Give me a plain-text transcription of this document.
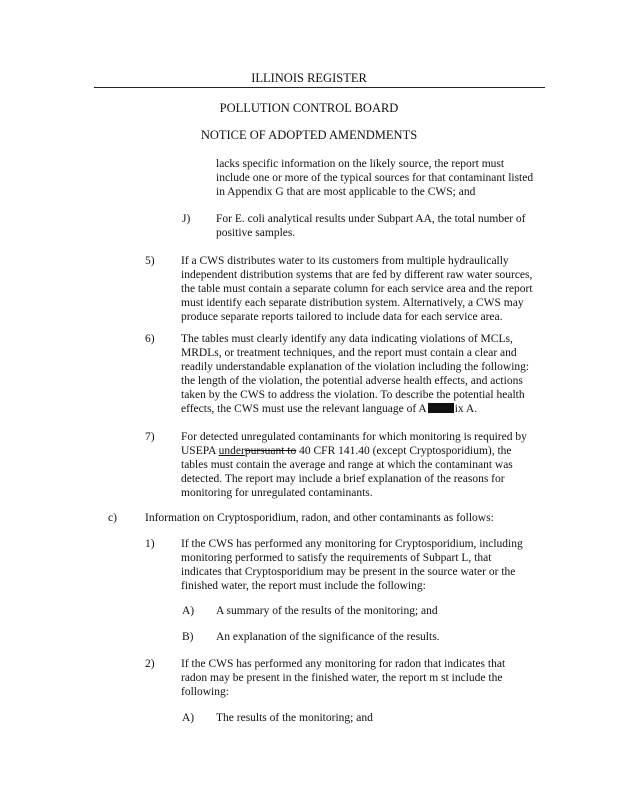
ILLINOIS REGISTER
POLLUTION CONTROL BOARD
NOTICE OF ADOPTED AMENDMENTS
lacks specific information on the likely source, the report must
include one or more of the typical sources for that contaminant listed
in Appendix G that are most applicable to the CWS; and
J) For E. coli analytical results under Subpart AA, the total number of
positive samples.
5) If a CWS distributes water to its customers from multiple hydraulically
independent distribution systems that are fed by different raw water sources,
the table must contain a separate column for each service area and the report
must identify each separate distribution system. Alternatively, a CWS may
produce separate reports tailored to include data for each service area.
6) The tables must clearly identify any data indicating violations of MCLs,
MRDLs, or treatment techniques, and the report must contain a clear and
readily understandable explanation of the violation including the following:
the length of the violation, the potential adverse health effects, and actions
taken by the CWS to address the violation. To describe the potential health
effects, the CWS must use the relevant language of A ix A.
7) For detected unregulated contaminants for which monitoring is required by
USEPA underpursuant to 40 CFR 141.40 (except Cryptosporidium), the
tables must contain the average and range at which the contaminant was
detected. The report may include a brief explanation of the reasons for
monitoring for unregulated contaminants.
c) Information on Cryptosporidium, radon, and other contaminants as follows:
1) If the CWS has performed any monitoring for Cryptosporidium, including
monitoring performed to satisfy the requirements of Subpart L, that
indicates that Cryptosporidium may be present in the source water or the
finished water, the report must include the following:
A) A summary of the results of the monitoring; and
B) An explanation of the significance of the results.
2) If the CWS has performed any monitoring for radon that indicates that
radon may be present in the finished water, the report m st include the
following:
A) The results of the monitoring; and
